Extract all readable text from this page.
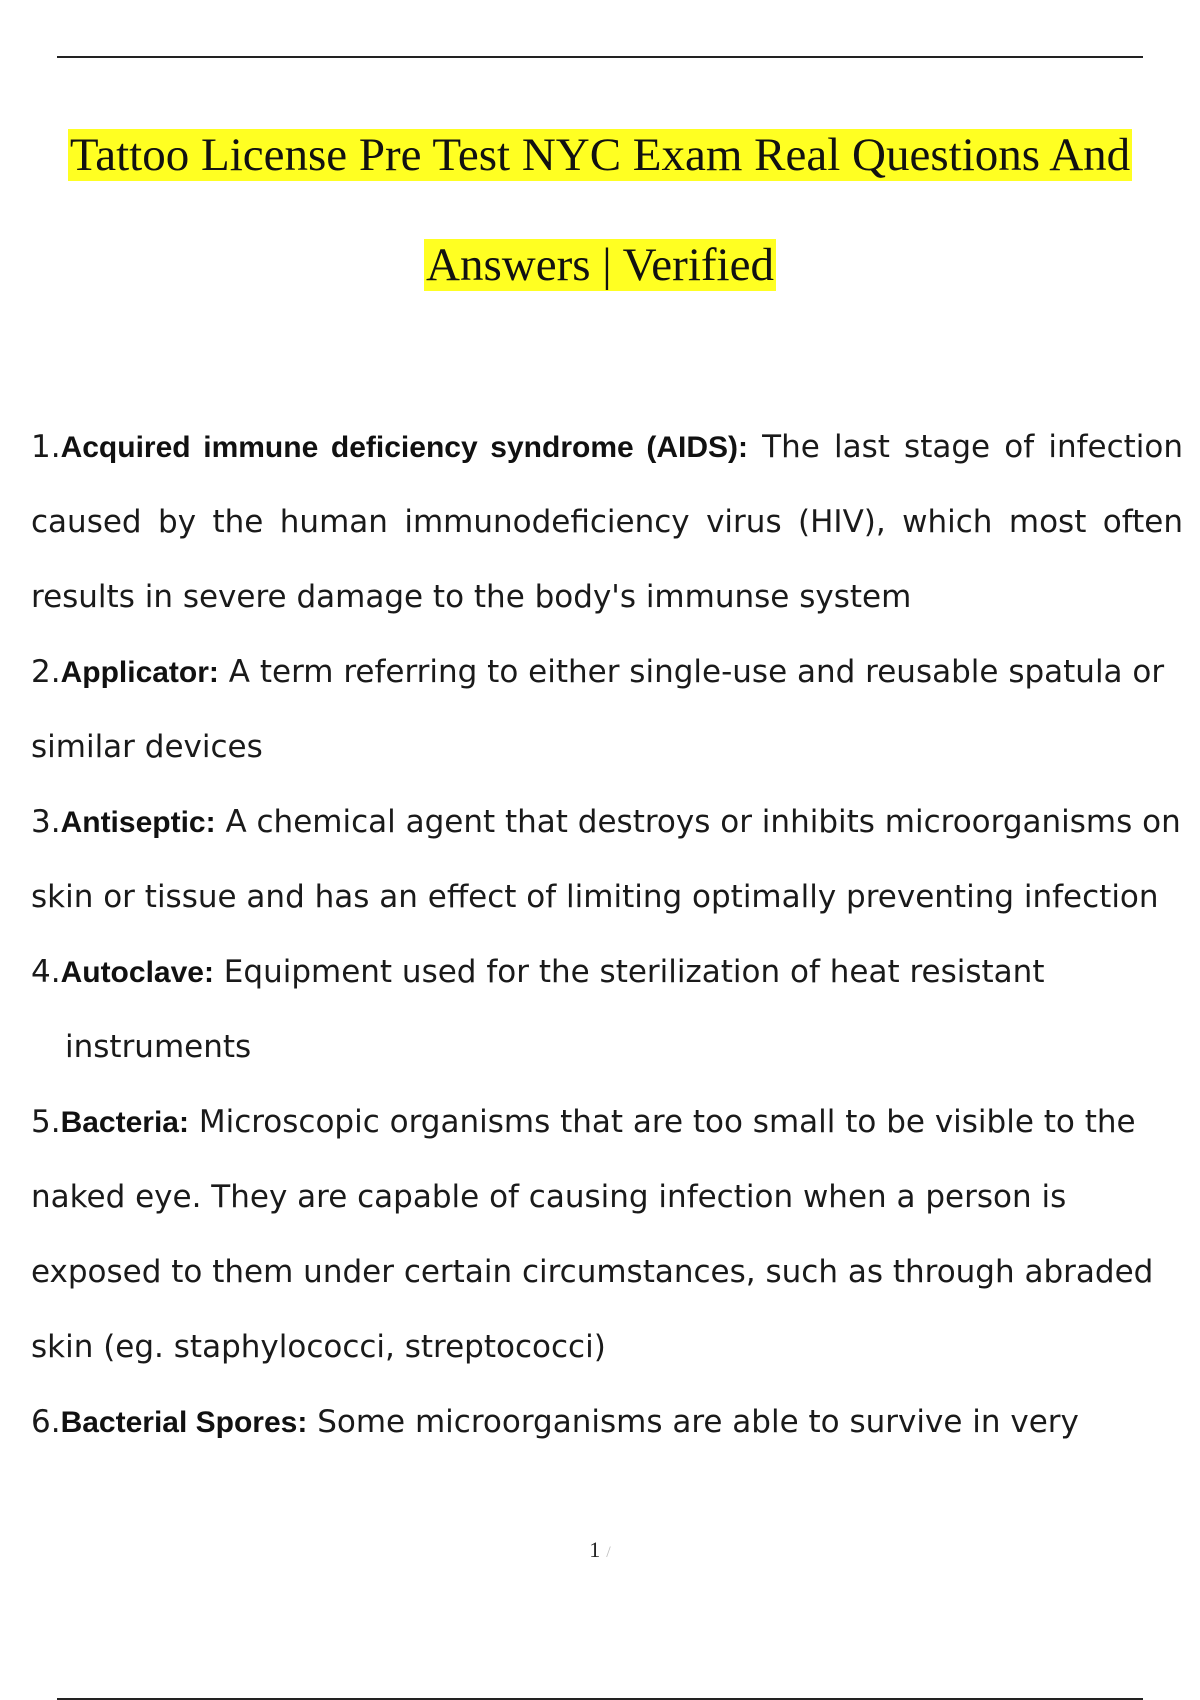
Tattoo License Pre Test NYC Exam Real Questions And
Answers | Verified

1.Acquired immune deficiency syndrome (AIDS): The last stage of infection caused by the human immunodeficiency virus (HIV), which most often results in severe damage to the body's immunse system

2.Applicator: A term referring to either single-use and reusable spatula or similar devices

3.Antiseptic: A chemical agent that destroys or inhibits microorganisms on skin or tissue and has an effect of limiting optimally preventing infection

4.Autoclave: Equipment used for the sterilization of heat resistant
instruments

5.Bacteria: Microscopic organisms that are too small to be visible to the naked eye. They are capable of causing infection when a person is exposed to them under certain circumstances, such as through abraded skin (eg. staphylococci, streptococci)

6.Bacterial Spores: Some microorganisms are able to survive in very

1 /
